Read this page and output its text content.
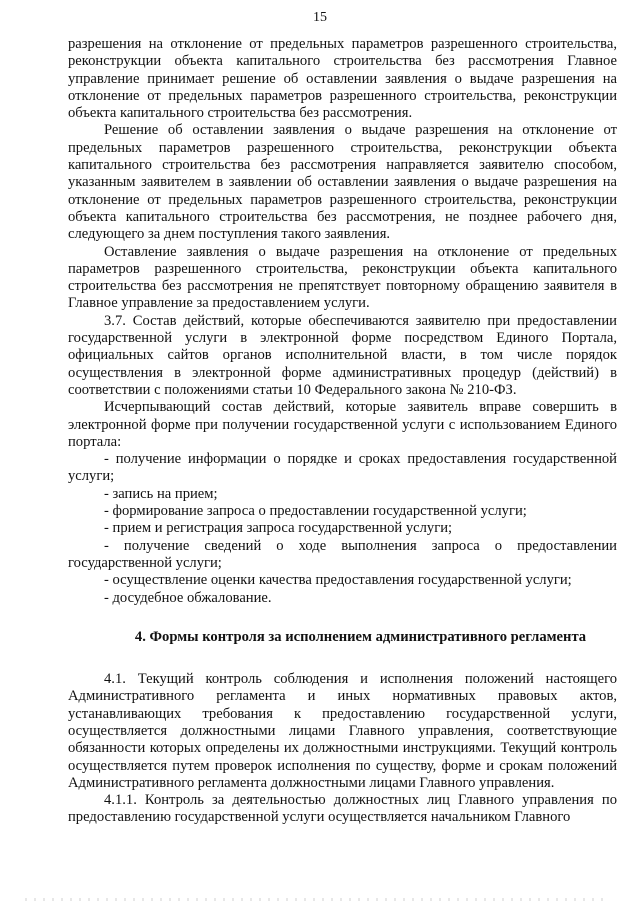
15

разрешения на отклонение от предельных параметров разрешенного строительства, реконструкции объекта капитального строительства без рассмотрения Главное управление принимает решение об оставлении заявления о выдаче разрешения на отклонение от предельных параметров разрешенного строительства, реконструкции объекта капитального строительства без рассмотрения.

Решение об оставлении заявления о выдаче разрешения на отклонение от предельных параметров разрешенного строительства, реконструкции объекта капитального строительства без рассмотрения направляется заявителю способом, указанным заявителем в заявлении об оставлении заявления о выдаче разрешения на отклонение от предельных параметров разрешенного строительства, реконструкции объекта капитального строительства без рассмотрения, не позднее рабочего дня, следующего за днем поступления такого заявления.

Оставление заявления о выдаче разрешения на отклонение от предельных параметров разрешенного строительства, реконструкции объекта капитального строительства без рассмотрения не препятствует повторному обращению заявителя в Главное управление за предоставлением услуги.

3.7. Состав действий, которые обеспечиваются заявителю при предоставлении государственной услуги в электронной форме посредством Единого Портала, официальных сайтов органов исполнительной власти, в том числе порядок осуществления в электронной форме административных процедур (действий) в соответствии с положениями статьи 10 Федерального закона № 210-ФЗ.

Исчерпывающий состав действий, которые заявитель вправе совершить в электронной форме при получении государственной услуги с использованием Единого портала:

- получение информации о порядке и сроках предоставления государственной услуги;

- запись на прием;

- формирование запроса о предоставлении государственной услуги;

- прием и регистрация запроса государственной услуги;

- получение сведений о ходе выполнения запроса о предоставлении государственной услуги;

- осуществление оценки качества предоставления государственной услуги;

- досудебное обжалование.

4. Формы контроля за исполнением административного регламента

4.1. Текущий контроль соблюдения и исполнения положений настоящего Административного регламента и иных нормативных правовых актов, устанавливающих требования к предоставлению государственной услуги, осуществляется должностными лицами Главного управления, соответствующие обязанности которых определены их должностными инструкциями. Текущий контроль осуществляется путем проверок исполнения по существу, форме и срокам положений Административного регламента должностными лицами Главного управления.

4.1.1. Контроль за деятельностью должностных лиц Главного управления по предоставлению государственной услуги осуществляется начальником Главного
